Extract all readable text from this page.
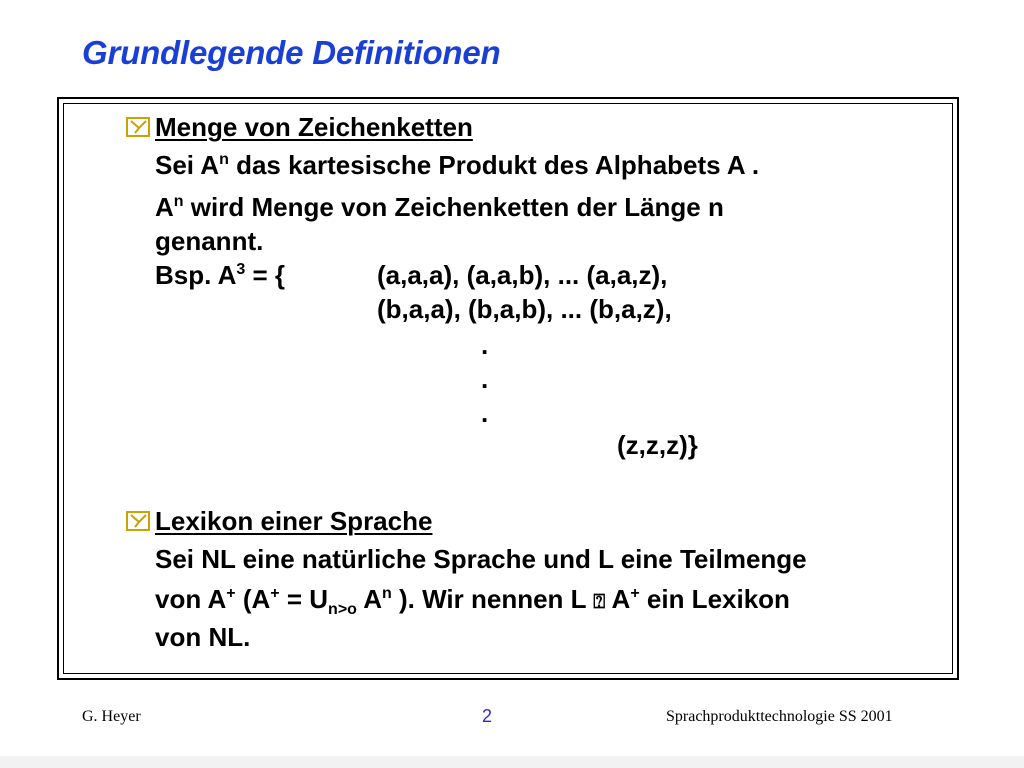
Grundlegende Definitionen
Menge von Zeichenketten
Sei $A^n$ das kartesische Produkt des Alphabets A .
$A^n$ wird Menge von Zeichenketten der Länge n
genannt.
Bsp. $A^3$ = {	(a,a,a), (a,a,b), ... (a,a,z),
(b,a,a), (b,a,b), ... (b,a,z),
.
.
.
(z,z,z)}
Lexikon einer Sprache
Sei NL eine natürliche Sprache und L eine Teilmenge
von A+ ($A^+ = U_{n>o}$ $A^n$ ). Wir nennen L ⍰ A+ ein Lexikon
von NL.
G. Heyer	2	Sprachprodukttechnologie SS 2001
